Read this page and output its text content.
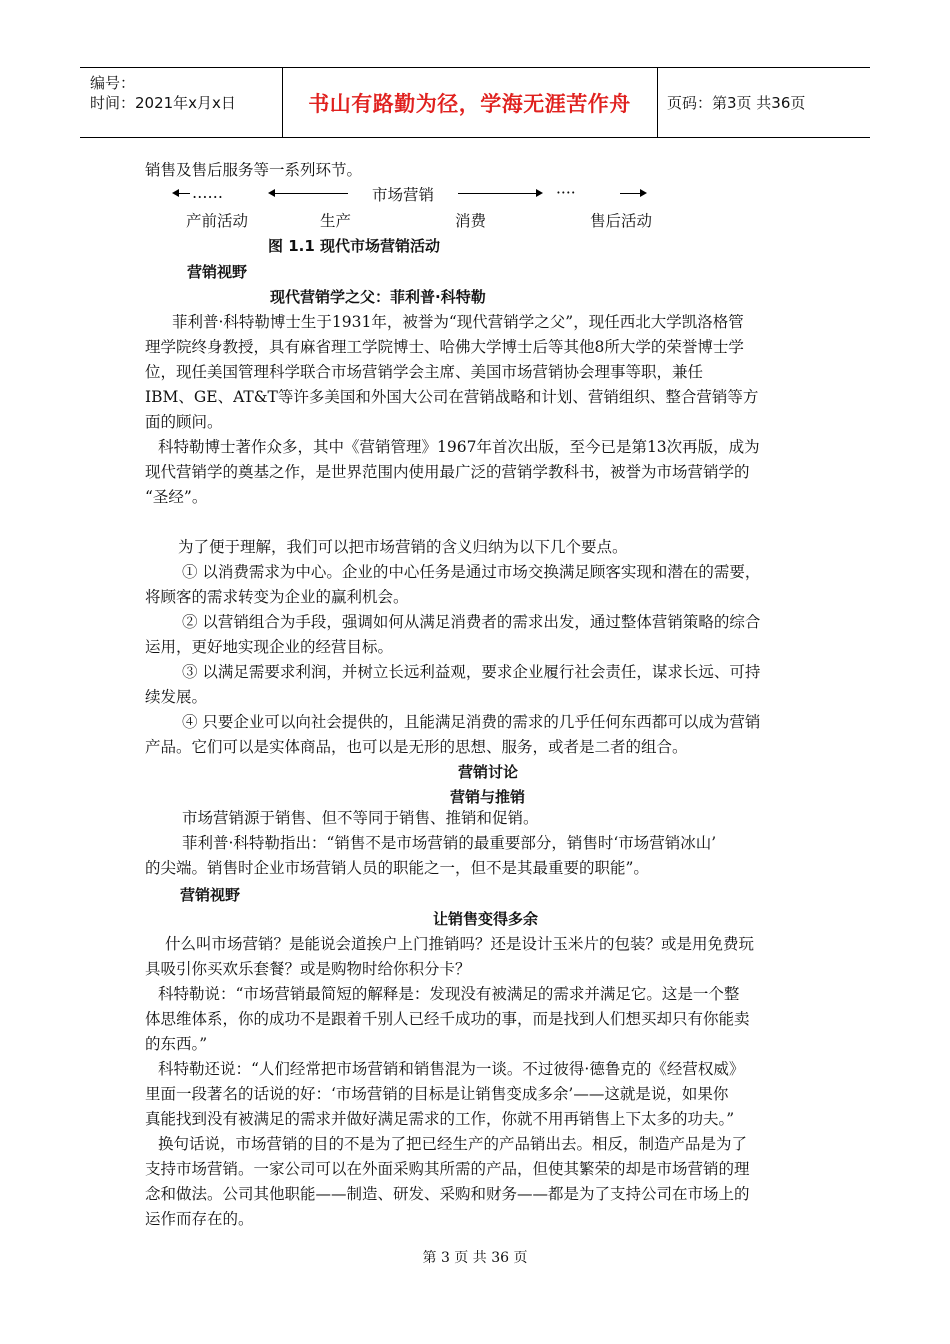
编号：
时间：2021年x月x日	书山有路勤为径，学海无涯苦作舟 页码：第3页 共36页
销售及售后服务等一系列环节。
……	市场营销	····
产前活动	生产	消费	售后活动
图 1.1 现代市场营销活动
营销视野
现代营销学之父：菲利普·科特勒
菲利普·科特勒博士生于1931年，被誉为“现代营销学之父”，现任西北大学凯洛格管
理学院终身教授，具有麻省理工学院博士、哈佛大学博士后等其他8所大学的荣誉博士学
位，现任美国管理科学联合市场营销学会主席、美国市场营销协会理事等职，兼任
IBM、GE、AT&T等许多美国和外国大公司在营销战略和计划、营销组织、整合营销等方
面的顾问。
科特勒博士著作众多，其中《营销管理》1967年首次出版，至今已是第13次再版，成为
现代营销学的奠基之作，是世界范围内使用最广泛的营销学教科书，被誉为市场营销学的
“圣经”。
为了便于理解，我们可以把市场营销的含义归纳为以下几个要点。
① 以消费需求为中心。企业的中心任务是通过市场交换满足顾客实现和潜在的需要，
将顾客的需求转变为企业的赢利机会。
② 以营销组合为手段，强调如何从满足消费者的需求出发，通过整体营销策略的综合
运用，更好地实现企业的经营目标。
③ 以满足需要求利润，并树立长远利益观，要求企业履行社会责任，谋求长远、可持
续发展。
④ 只要企业可以向社会提供的，且能满足消费的需求的几乎任何东西都可以成为营销
产品。它们可以是实体商品，也可以是无形的思想、服务，或者是二者的组合。
营销讨论
营销与推销
市场营销源于销售、但不等同于销售、推销和促销。
菲利普·科特勒指出：“销售不是市场营销的最重要部分，销售时‘市场营销冰山’
的尖端。销售时企业市场营销人员的职能之一，但不是其最重要的职能”。
营销视野
让销售变得多余
什么叫市场营销？是能说会道挨户上门推销吗？还是设计玉米片的包装？或是用免费玩
具吸引你买欢乐套餐？或是购物时给你积分卡？
科特勒说：“市场营销最简短的解释是：发现没有被满足的需求并满足它。这是一个整
体思维体系，你的成功不是跟着千别人已经千成功的事，而是找到人们想买却只有你能卖
的东西。”
科特勒还说：“人们经常把市场营销和销售混为一谈。不过彼得·德鲁克的《经营权威》
里面一段著名的话说的好：‘市场营销的目标是让销售变成多余’——这就是说，如果你
真能找到没有被满足的需求并做好满足需求的工作，你就不用再销售上下太多的功夫。”
换句话说，市场营销的目的不是为了把已经生产的产品销出去。相反，制造产品是为了
支持市场营销。一家公司可以在外面采购其所需的产品，但使其繁荣的却是市场营销的理
念和做法。公司其他职能——制造、研发、采购和财务——都是为了支持公司在市场上的
运作而存在的。
第 3 页 共 36 页
